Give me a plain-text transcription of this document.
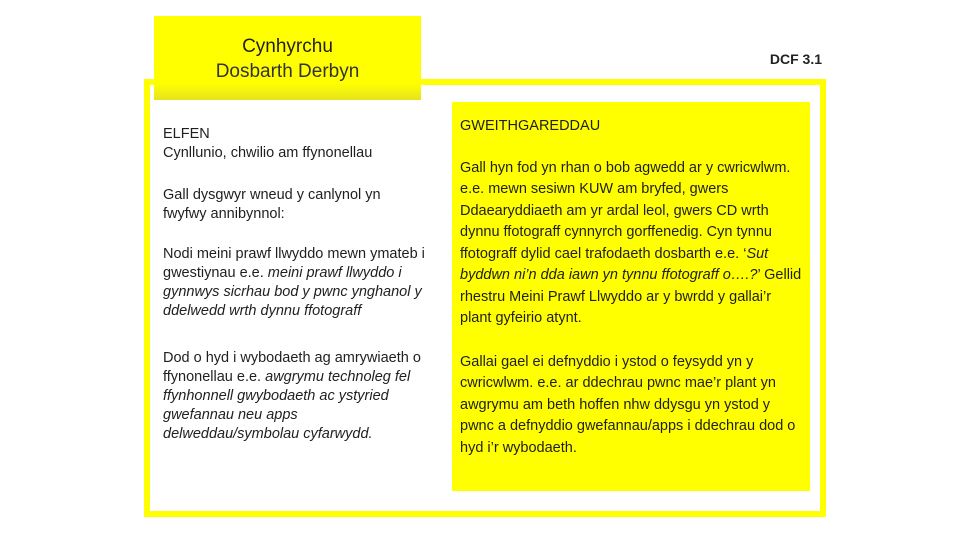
Cynhyrchu
Dosbarth Derbyn
DCF 3.1

ELFEN

Cynllunio, chwilio am ffynonellau

Gall dysgwyr wneud y canlynol yn fwyfwy annibynnol:

Nodi meini prawf llwyddo mewn ymateb i gwestiynau e.e. meini prawf llwyddo i gynnwys sicrhau bod y pwnc ynghanol y ddelwedd wrth dynnu ffotograff

Dod o hyd i wybodaeth ag amrywiaeth o ffynonellau e.e. awgrymu technoleg fel ffynhonnell gwybodaeth ac ystyried gwefannau neu apps delweddau/symbolau cyfarwydd.

GWEITHGAREDDAU

Gall hyn fod yn rhan o bob agwedd ar y cwricwlwm. e.e. mewn sesiwn KUW am bryfed, gwers Ddaearyddiaeth am yr ardal leol, gwers CD wrth dynnu ffotograff cynnyrch gorffenedig. Cyn tynnu ffotograff dylid cael trafodaeth dosbarth e.e. ‘Sut byddwn ni’n dda iawn yn tynnu ffotograff o….?’ Gellid rhestru Meini Prawf Llwyddo ar y bwrdd y gallai’r plant gyfeirio atynt.

Gallai gael ei defnyddio i ystod o feysydd yn y cwricwlwm. e.e. ar ddechrau pwnc mae’r plant yn awgrymu am beth hoffen nhw ddysgu yn ystod y pwnc a defnyddio gwefannau/apps i ddechrau dod o hyd i’r wybodaeth.
